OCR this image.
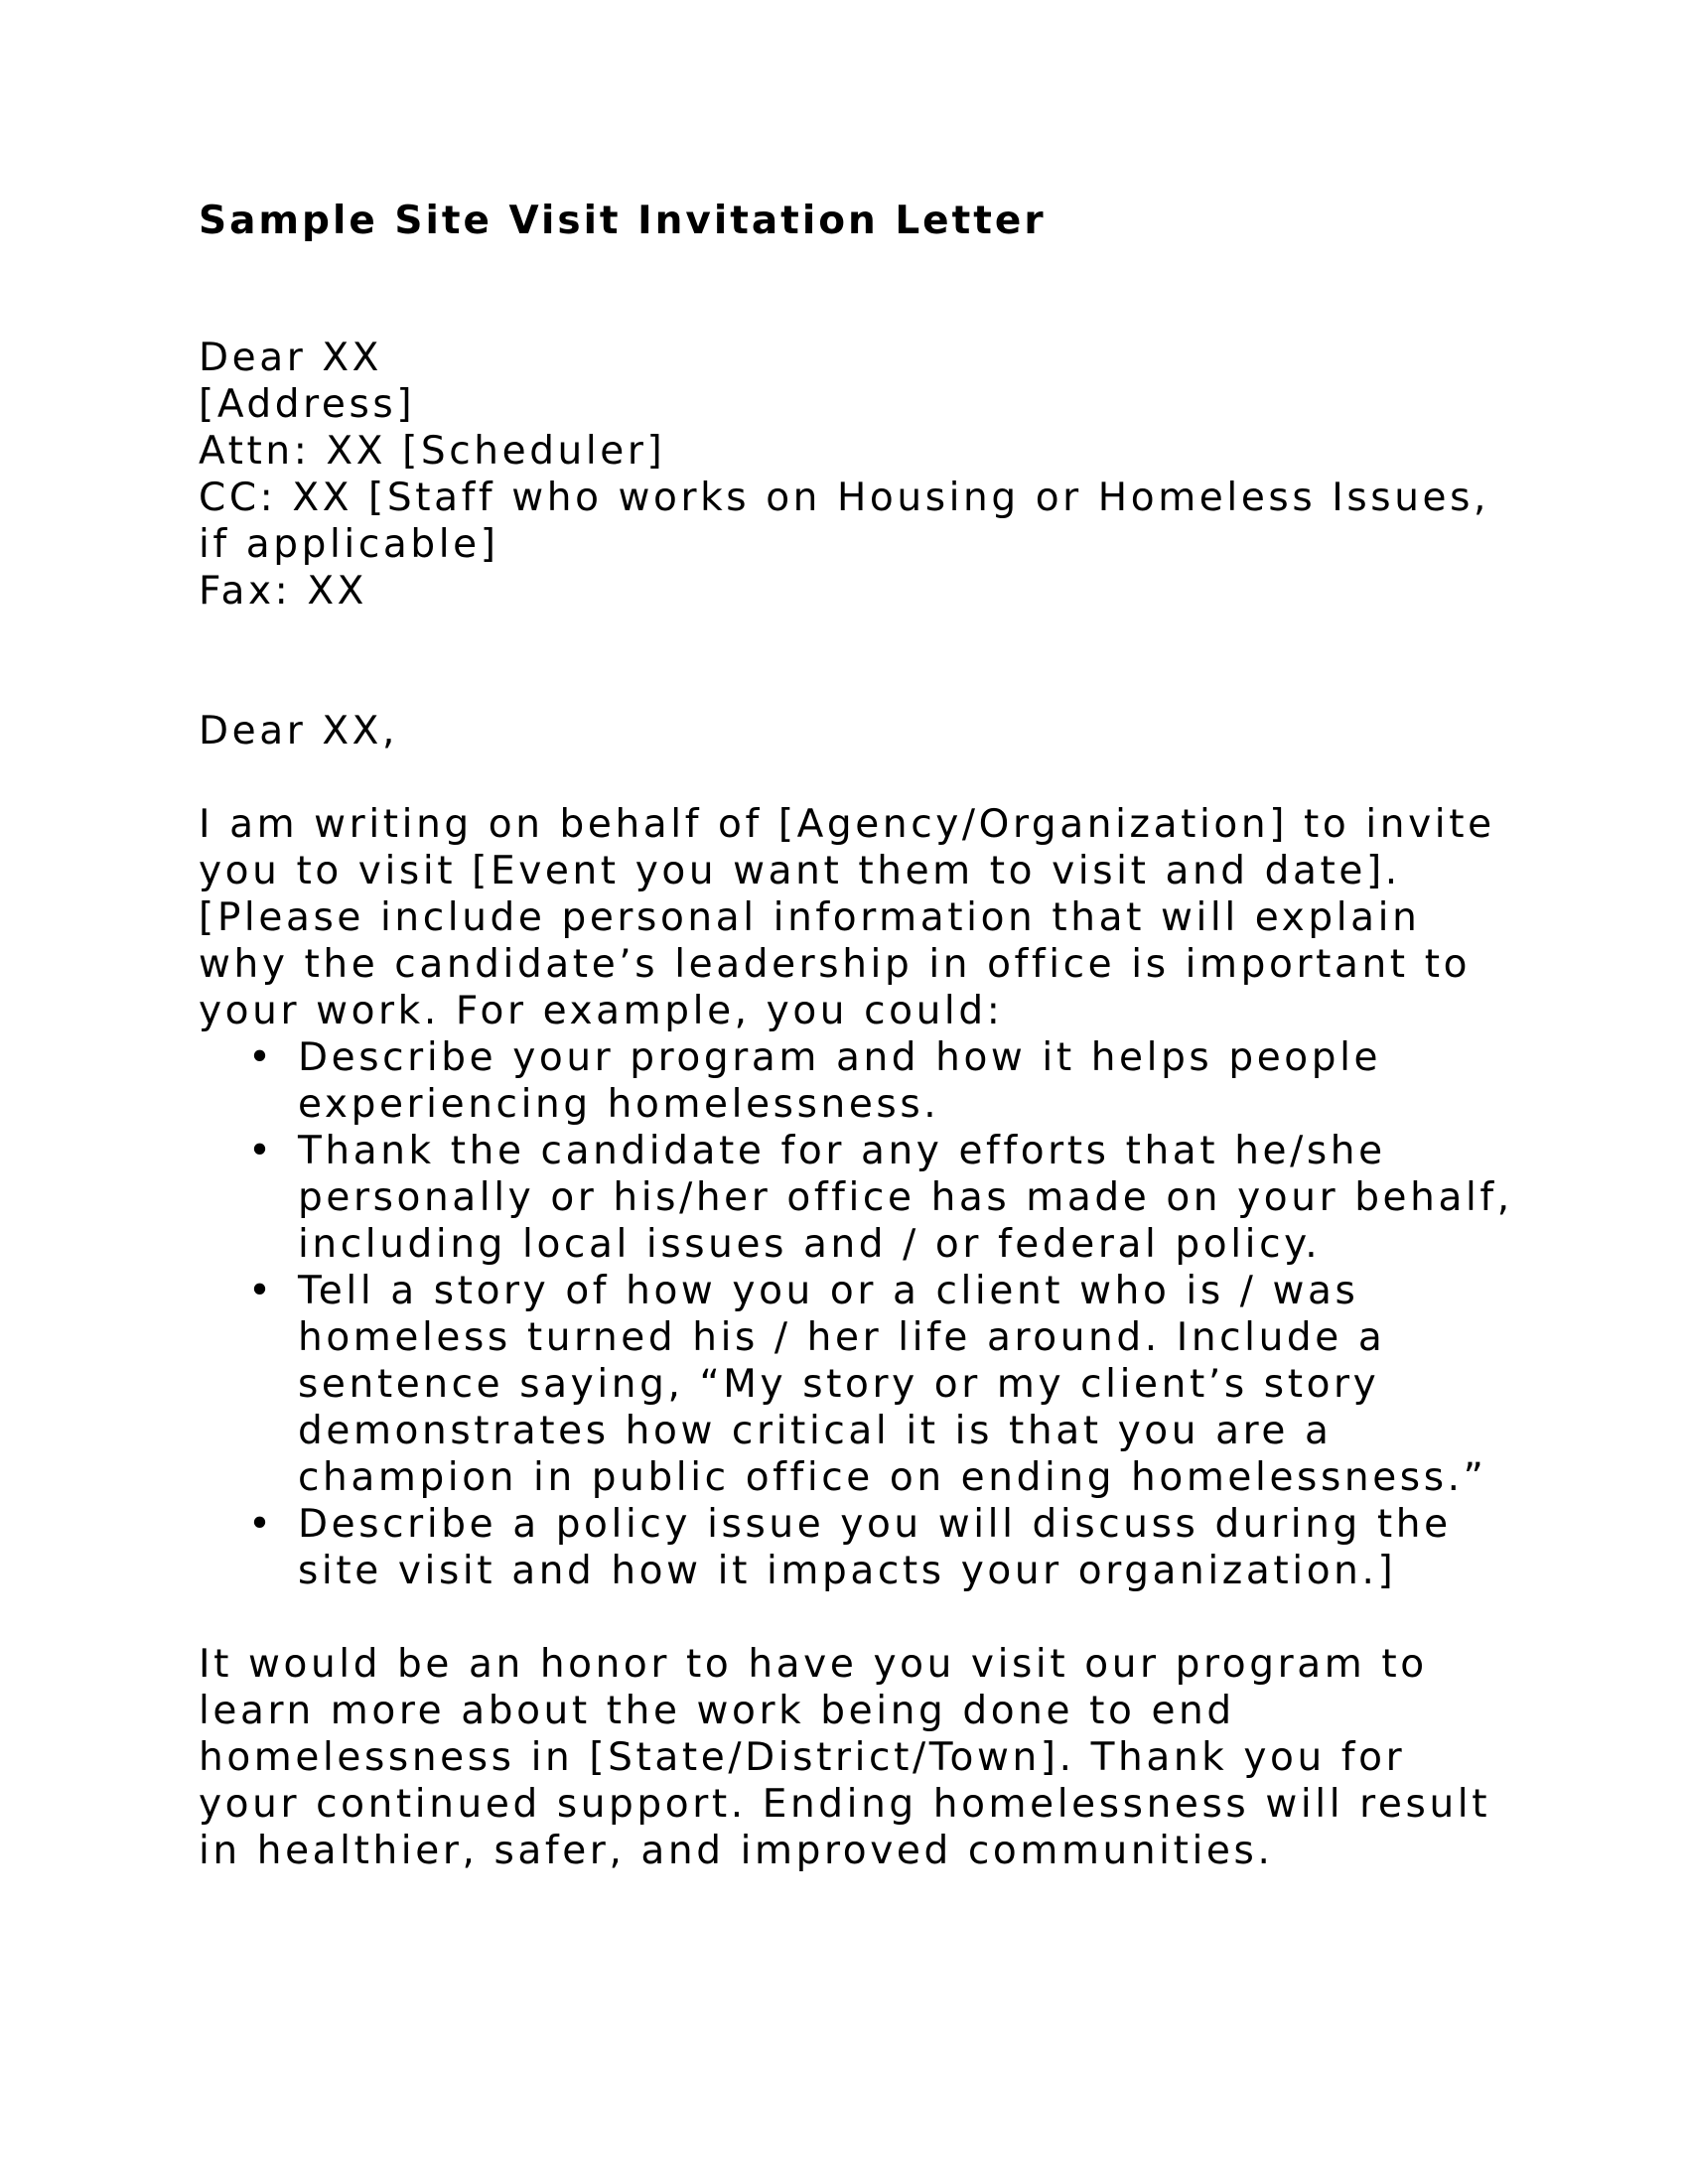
Sample Site Visit Invitation Letter
Dear XX
[Address]
Attn: XX [Scheduler]
CC: XX [Staff who works on Housing or Homeless Issues, if applicable]
Fax: XX

Dear XX,

I am writing on behalf of [Agency/Organization] to invite you to visit [Event you want them to visit and date]. [Please include personal information that will explain why the candidate’s leadership in office is important to your work. For example, you could:

• Describe your program and how it helps people experiencing homelessness.
• Thank the candidate for any efforts that he/she personally or his/her office has made on your behalf, including local issues and / or federal policy.
• Tell a story of how you or a client who is / was homeless turned his / her life around. Include a sentence saying, “My story or my client’s story demonstrates how critical it is that you are a champion in public office on ending homelessness.”
• Describe a policy issue you will discuss during the site visit and how it impacts your organization.]

It would be an honor to have you visit our program to learn more about the work being done to end homelessness in [State/District/Town]. Thank you for your continued support. Ending homelessness will result in healthier, safer, and improved communities.
